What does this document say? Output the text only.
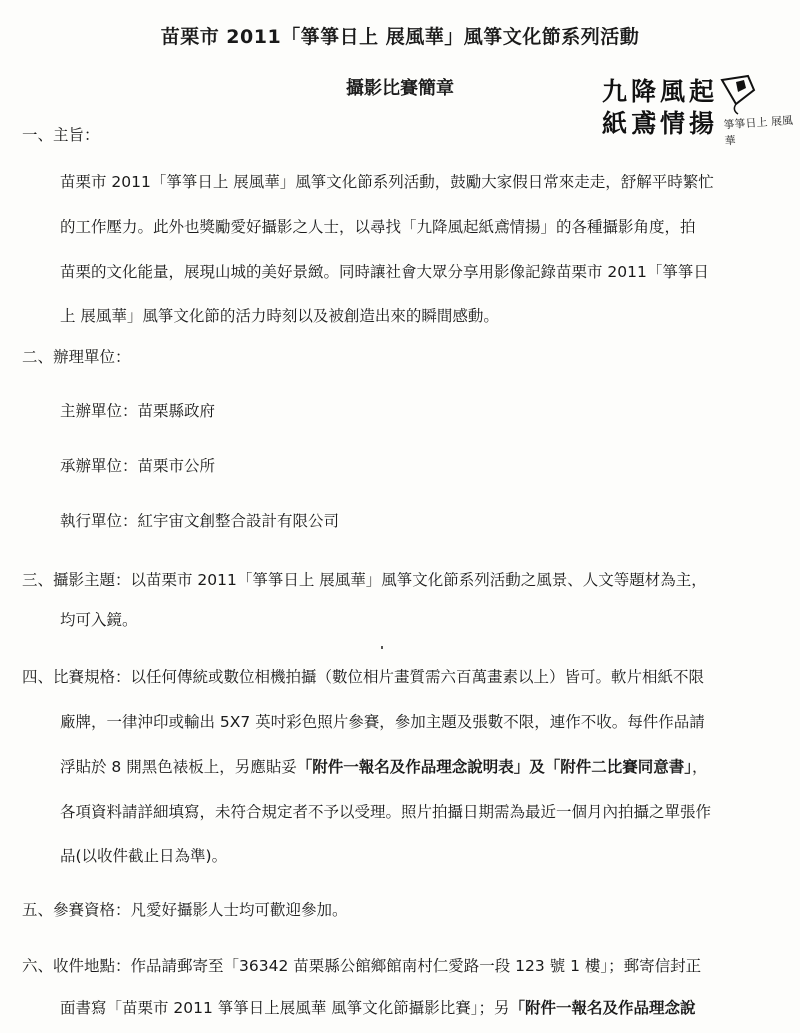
苗栗市 2011「箏箏日上 展風華」風箏文化節系列活動
攝影比賽簡章	九降風起
紙鳶情揚 箏箏日上 展風華
一、主旨：
苗栗市 2011「箏箏日上 展風華」風箏文化節系列活動，鼓勵大家假日常來走走，舒解平時繁忙
的工作壓力。此外也獎勵愛好攝影之人士，以尋找「九降風起紙鳶情揚」的各種攝影角度，拍
苗栗的文化能量，展現山城的美好景緻。同時讓社會大眾分享用影像記錄苗栗市 2011「箏箏日
上 展風華」風箏文化節的活力時刻以及被創造出來的瞬間感動。
二、辦理單位：
主辦單位：苗栗縣政府
承辦單位：苗栗市公所
執行單位：紅宇宙文創整合設計有限公司
三、攝影主題：以苗栗市 2011「箏箏日上 展風華」風箏文化節系列活動之風景、人文等題材為主，
均可入鏡。
四、比賽規格：以任何傳統或數位相機拍攝（數位相片畫質需六百萬畫素以上）皆可。軟片相紙不限
廠牌，一律沖印或輸出 5X7 英吋彩色照片參賽，參加主題及張數不限，連作不收。每件作品請
浮貼於 8 開黑色裱板上，另應貼妥「附件一報名及作品理念說明表」及「附件二比賽同意書」，
各項資料請詳細填寫，未符合規定者不予以受理。照片拍攝日期需為最近一個月內拍攝之單張作
品(以收件截止日為準)。
五、參賽資格：凡愛好攝影人士均可歡迎參加。
六、收件地點：作品請郵寄至「36342 苗栗縣公館鄉館南村仁愛路一段 123 號 1 樓」；郵寄信封正
面書寫「苗栗市 2011 箏箏日上展風華 風箏文化節攝影比賽」；另「附件一報名及作品理念說
